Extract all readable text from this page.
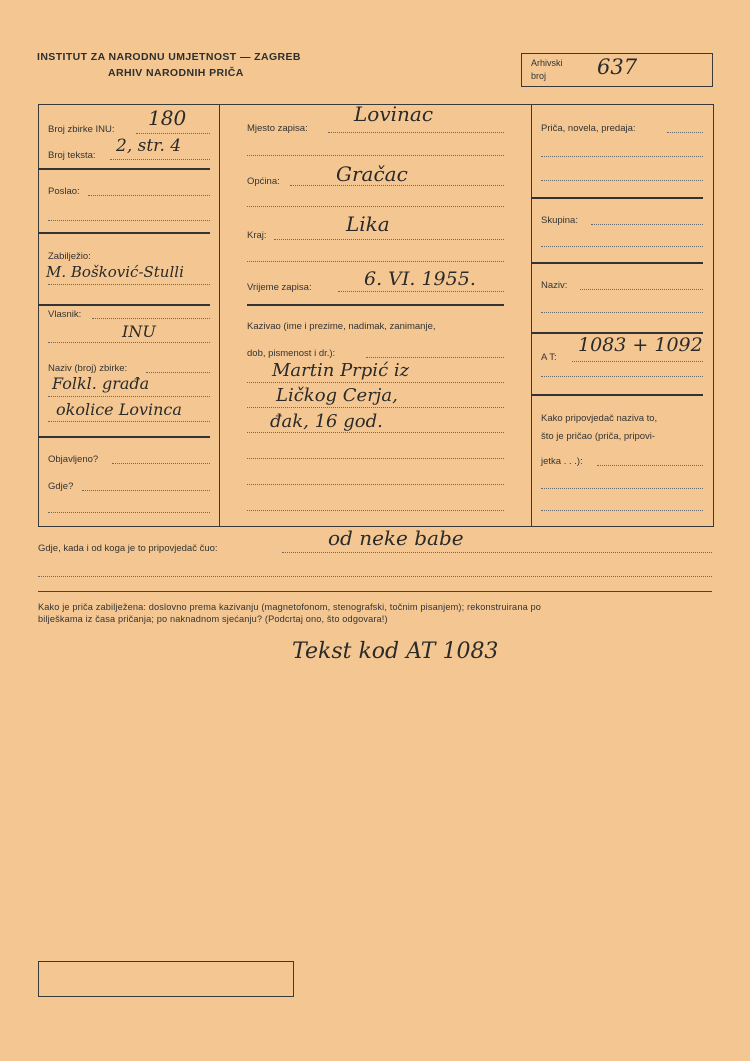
INSTITUT ZA NARODNU UMJETNOST — ZAGREB
ARHIV NARODNIH PRIČA
Arhivski
broj 637
Broj zbirke INU: 180
Broj teksta: 2, str. 4
Poslao:
Zabilježio:
M. Bošković-Stulli
Vlasnik:
INU
Naziv (broj) zbirke:
Folkl. građa
okolice Lovinca
Objavljeno?
Gdje?
Lovinac
Mjesto zapisa:
Gračac
Općina:
Lika
Kraj:
6. VI. 1955.
Vrijeme zapisa:
Kazivao (ime i prezime, nadimak, zanimanje,
dob, pismenost i dr.):
Martin Prpić iz
Ličkog Cerja,
đak, 16 god.
Priča, novela, predaja:
Skupina:
Naziv:
A T:
1083 + 1092
Kako pripovjedač naziva to,
što je pričao (priča, pripovi-
jetka . . .):
Gdje, kada i od koga je to pripovjedač čuo:	od neke babe
Kako je priča zabilježena: doslovno prema kazivanju (magnetofonom, stenografski, točnim pisanjem); rekonstruirana po
bilješkama iz časa pričanja; po naknadnom sjećanju? (Podcrtaj ono, što odgovara!)
Tekst kod AT 1083
